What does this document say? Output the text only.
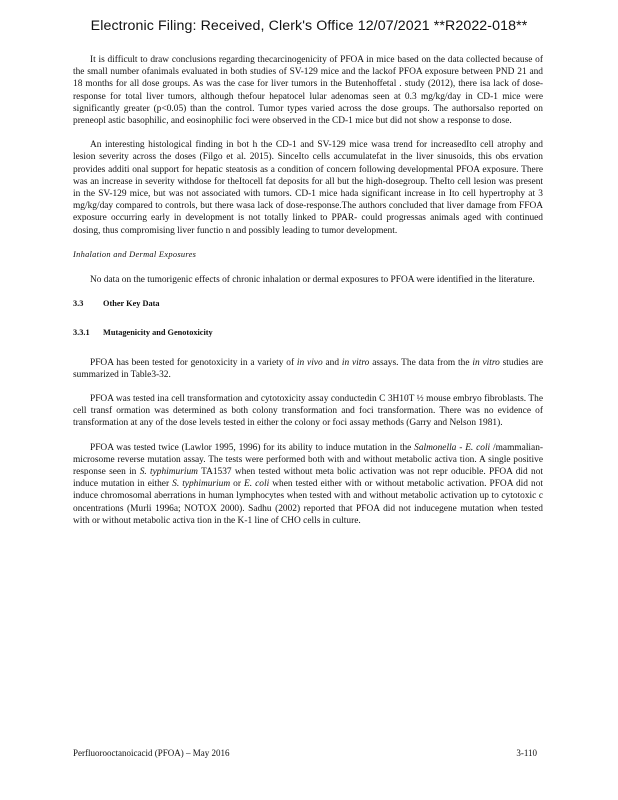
Electronic Filing: Received, Clerk's Office 12/07/2021 **R2022-018**

It is difficult to draw conclusions regarding thecarcinogenicity of PFOA in mice based on the data collected because of the small number ofanimals evaluated in both studies of SV-129 mice and the lackof PFOA exposure between PND 21 and 18 months for all dose groups. As was the case for liver tumors in the Butenhoffetal . study (2012), there isa lack of dose-response for total liver tumors, although thefour hepatocel lular adenomas seen at 0.3 mg/kg/day in CD-1 mice were significantly greater (p<0.05) than the control. Tumor types varied across the dose groups. The authorsalso reported on preneopl astic basophilic, and eosinophilic foci were observed in the CD-1 mice but did not show a response to dose.

An interesting histological finding in bot h the CD-1 and SV-129 mice wasa trend for increasedIto cell atrophy and lesion severity across the doses (Filgo et al. 2015). SinceIto cells accumulatefat in the liver sinusoids, this obs ervation provides additi onal support for hepatic steatosis as a condition of concern following developmental PFOA exposure. There was an increase in severity withdose for theItocell fat deposits for all but the high-dosegroup. TheIto cell lesion was present in the SV-129 mice, but was not associated with tumors. CD-1 mice hada significant increase in Ito cell hypertrophy at 3 mg/kg/day compared to controls, but there wasa lack of dose-response.The authors concluded that liver damage from FFOA exposure occurring early in development is not totally linked to PPAR- could progressas animals aged with continued dosing, thus compromising liver functio n and possibly leading to tumor development.

Inhalation and Dermal Exposures

No data on the tumorigenic effects of chronic inhalation or dermal exposures to PFOA were identified in the literature.

3.3 Other Key Data
3.3.1 Mutagenicity and Genotoxicity

PFOA has been tested for genotoxicity in a variety of in vivo and in vitro assays. The data from the in vitro studies are summarized in Table3-32.

PFOA was tested ina cell transformation and cytotoxicity assay conductedin C 3H10T ½ mouse embryo fibroblasts. The cell transf ormation was determined as both colony transformation and foci transformation. There was no evidence of transformation at any of the dose levels tested in either the colony or foci assay methods (Garry and Nelson 1981).

PFOA was tested twice (Lawlor 1995, 1996) for its ability to induce mutation in the Salmonella - E. coli /mammalian-microsome reverse mutation assay. The tests were performed both with and without metabolic activa tion. A single positive response seen in S. typhimurium TA1537 when tested without meta bolic activation was not repr oducible. PFOA did not induce mutation in either S. typhimurium or E. coli when tested either with or without metabolic activation. PFOA did not induce chromosomal aberrations in human lymphocytes when tested with and without metabolic activation up to cytotoxic c oncentrations (Murli 1996a; NOTOX 2000). Sadhu (2002) reported that PFOA did not inducegene mutation when tested with or without metabolic activa tion in the K-1 line of CHO cells in culture.

Perfluorooctanoicacid (PFOA) – May 2016	3-110
